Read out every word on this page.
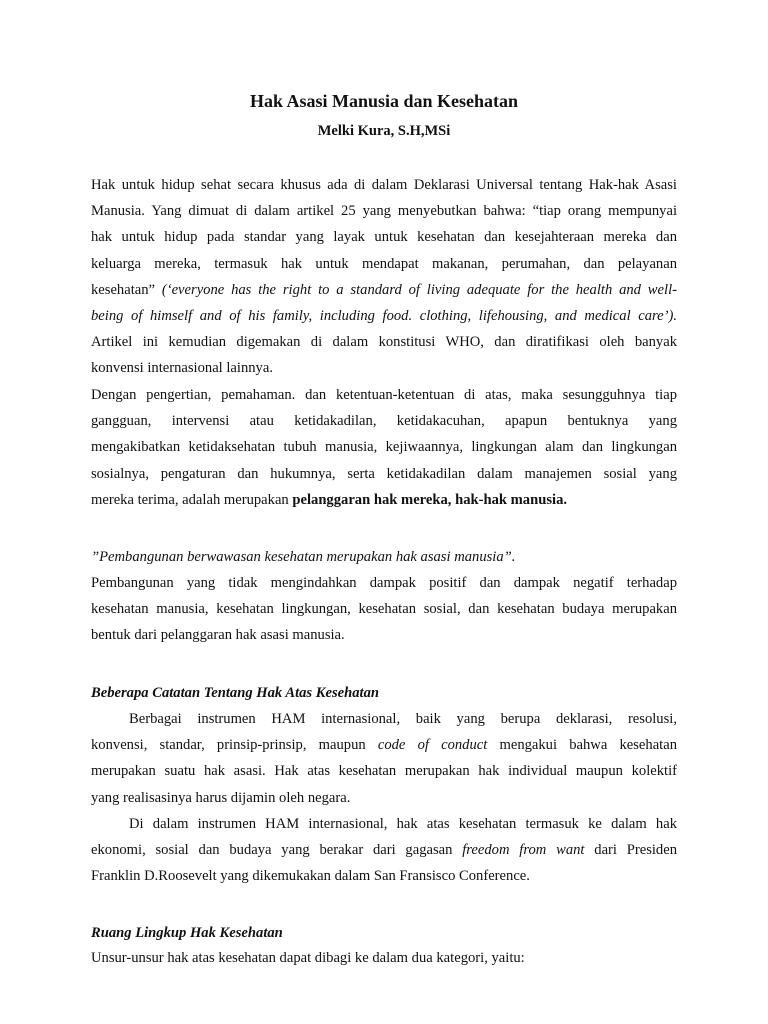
Hak Asasi Manusia dan Kesehatan
Melki Kura, S.H,MSi
Hak untuk hidup sehat secara khusus ada di dalam Deklarasi Universal tentang Hak-hak Asasi
Manusia. Yang dimuat di dalam artikel 25 yang menyebutkan bahwa: “tiap orang mempunyai
hak untuk hidup pada standar yang layak untuk kesehatan dan kesejahteraan mereka dan
keluarga mereka, termasuk hak untuk mendapat makanan, perumahan, dan pelayanan
kesehatan” (‘everyone has the right to a standard of living adequate for the health and well-
being of himself and of his family, including food. clothing, lifehousing, and medical care’).
Artikel ini kemudian digemakan di dalam konstitusi WHO, dan diratifikasi oleh banyak
konvensi internasional lainnya.
Dengan pengertian, pemahaman. dan ketentuan-ketentuan di atas, maka sesungguhnya tiap
gangguan, intervensi atau ketidakadilan, ketidakacuhan, apapun bentuknya yang
mengakibatkan ketidaksehatan tubuh manusia, kejiwaannya, lingkungan alam dan lingkungan
sosialnya, pengaturan dan hukumnya, serta ketidakadilan dalam manajemen sosial yang
mereka terima, adalah merupakan pelanggaran hak mereka, hak-hak manusia.
”Pembangunan berwawasan kesehatan merupakan hak asasi manusia”.
Pembangunan yang tidak mengindahkan dampak positif dan dampak negatif terhadap
kesehatan manusia, kesehatan lingkungan, kesehatan sosial, dan kesehatan budaya merupakan
bentuk dari pelanggaran hak asasi manusia.
Beberapa Catatan Tentang Hak Atas Kesehatan
Berbagai instrumen HAM internasional, baik yang berupa deklarasi, resolusi,
konvensi, standar, prinsip-prinsip, maupun code of conduct mengakui bahwa kesehatan
merupakan suatu hak asasi. Hak atas kesehatan merupakan hak individual maupun kolektif
yang realisasinya harus dijamin oleh negara.
Di dalam instrumen HAM internasional, hak atas kesehatan termasuk ke dalam hak
ekonomi, sosial dan budaya yang berakar dari gagasan freedom from want dari Presiden
Franklin D.Roosevelt yang dikemukakan dalam San Fransisco Conference.
Ruang Lingkup Hak Kesehatan
Unsur-unsur hak atas kesehatan dapat dibagi ke dalam dua kategori, yaitu:
